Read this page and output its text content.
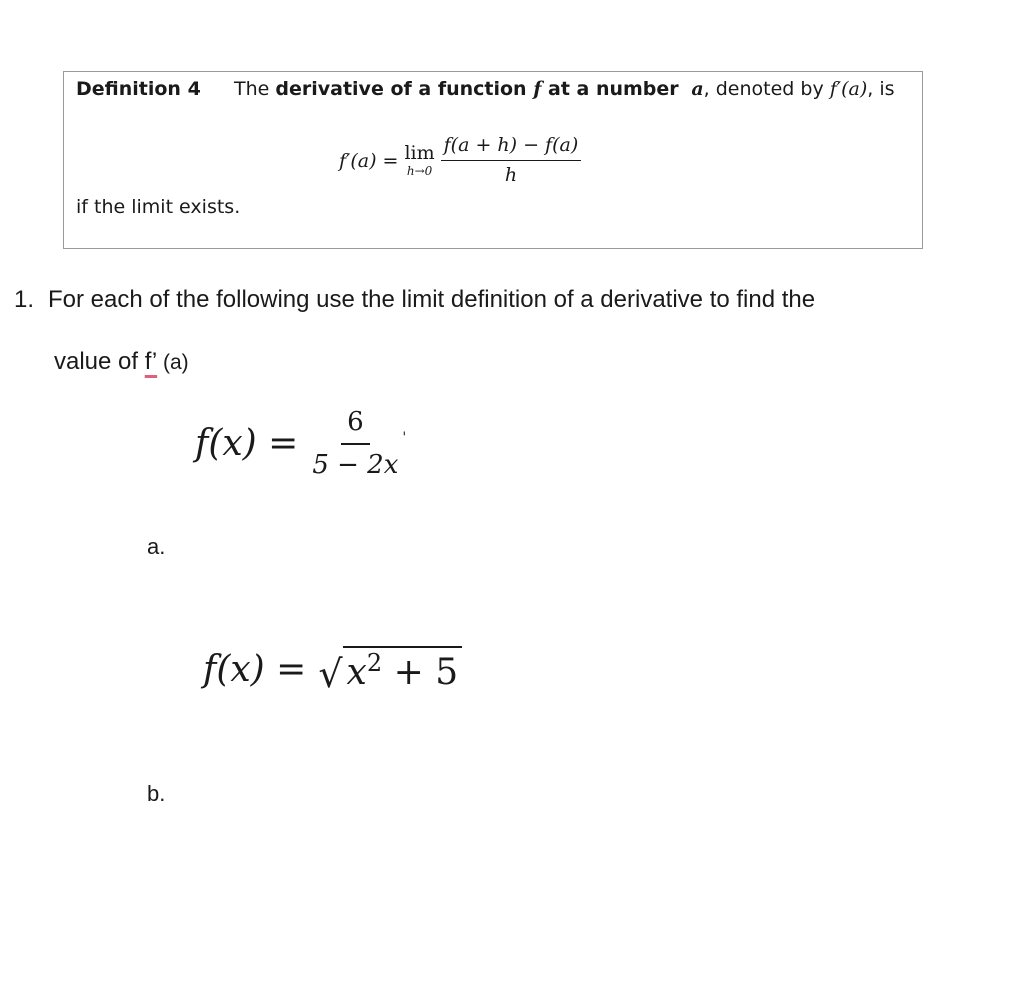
Definition 4 The derivative of a function f at a number  a, denoted by f′(a), is
f′(a) = lim
$h\to 0 \frac{f(a + h) - f(a)}{h}$
if the limit exists.
1. For each of the following use the limit definition of a derivative to find the
value of f’ (a)
$f(x) = \frac{6}{5 - 2x}$ '
a.
f(x) = √ $x^2 + 5$
b.
